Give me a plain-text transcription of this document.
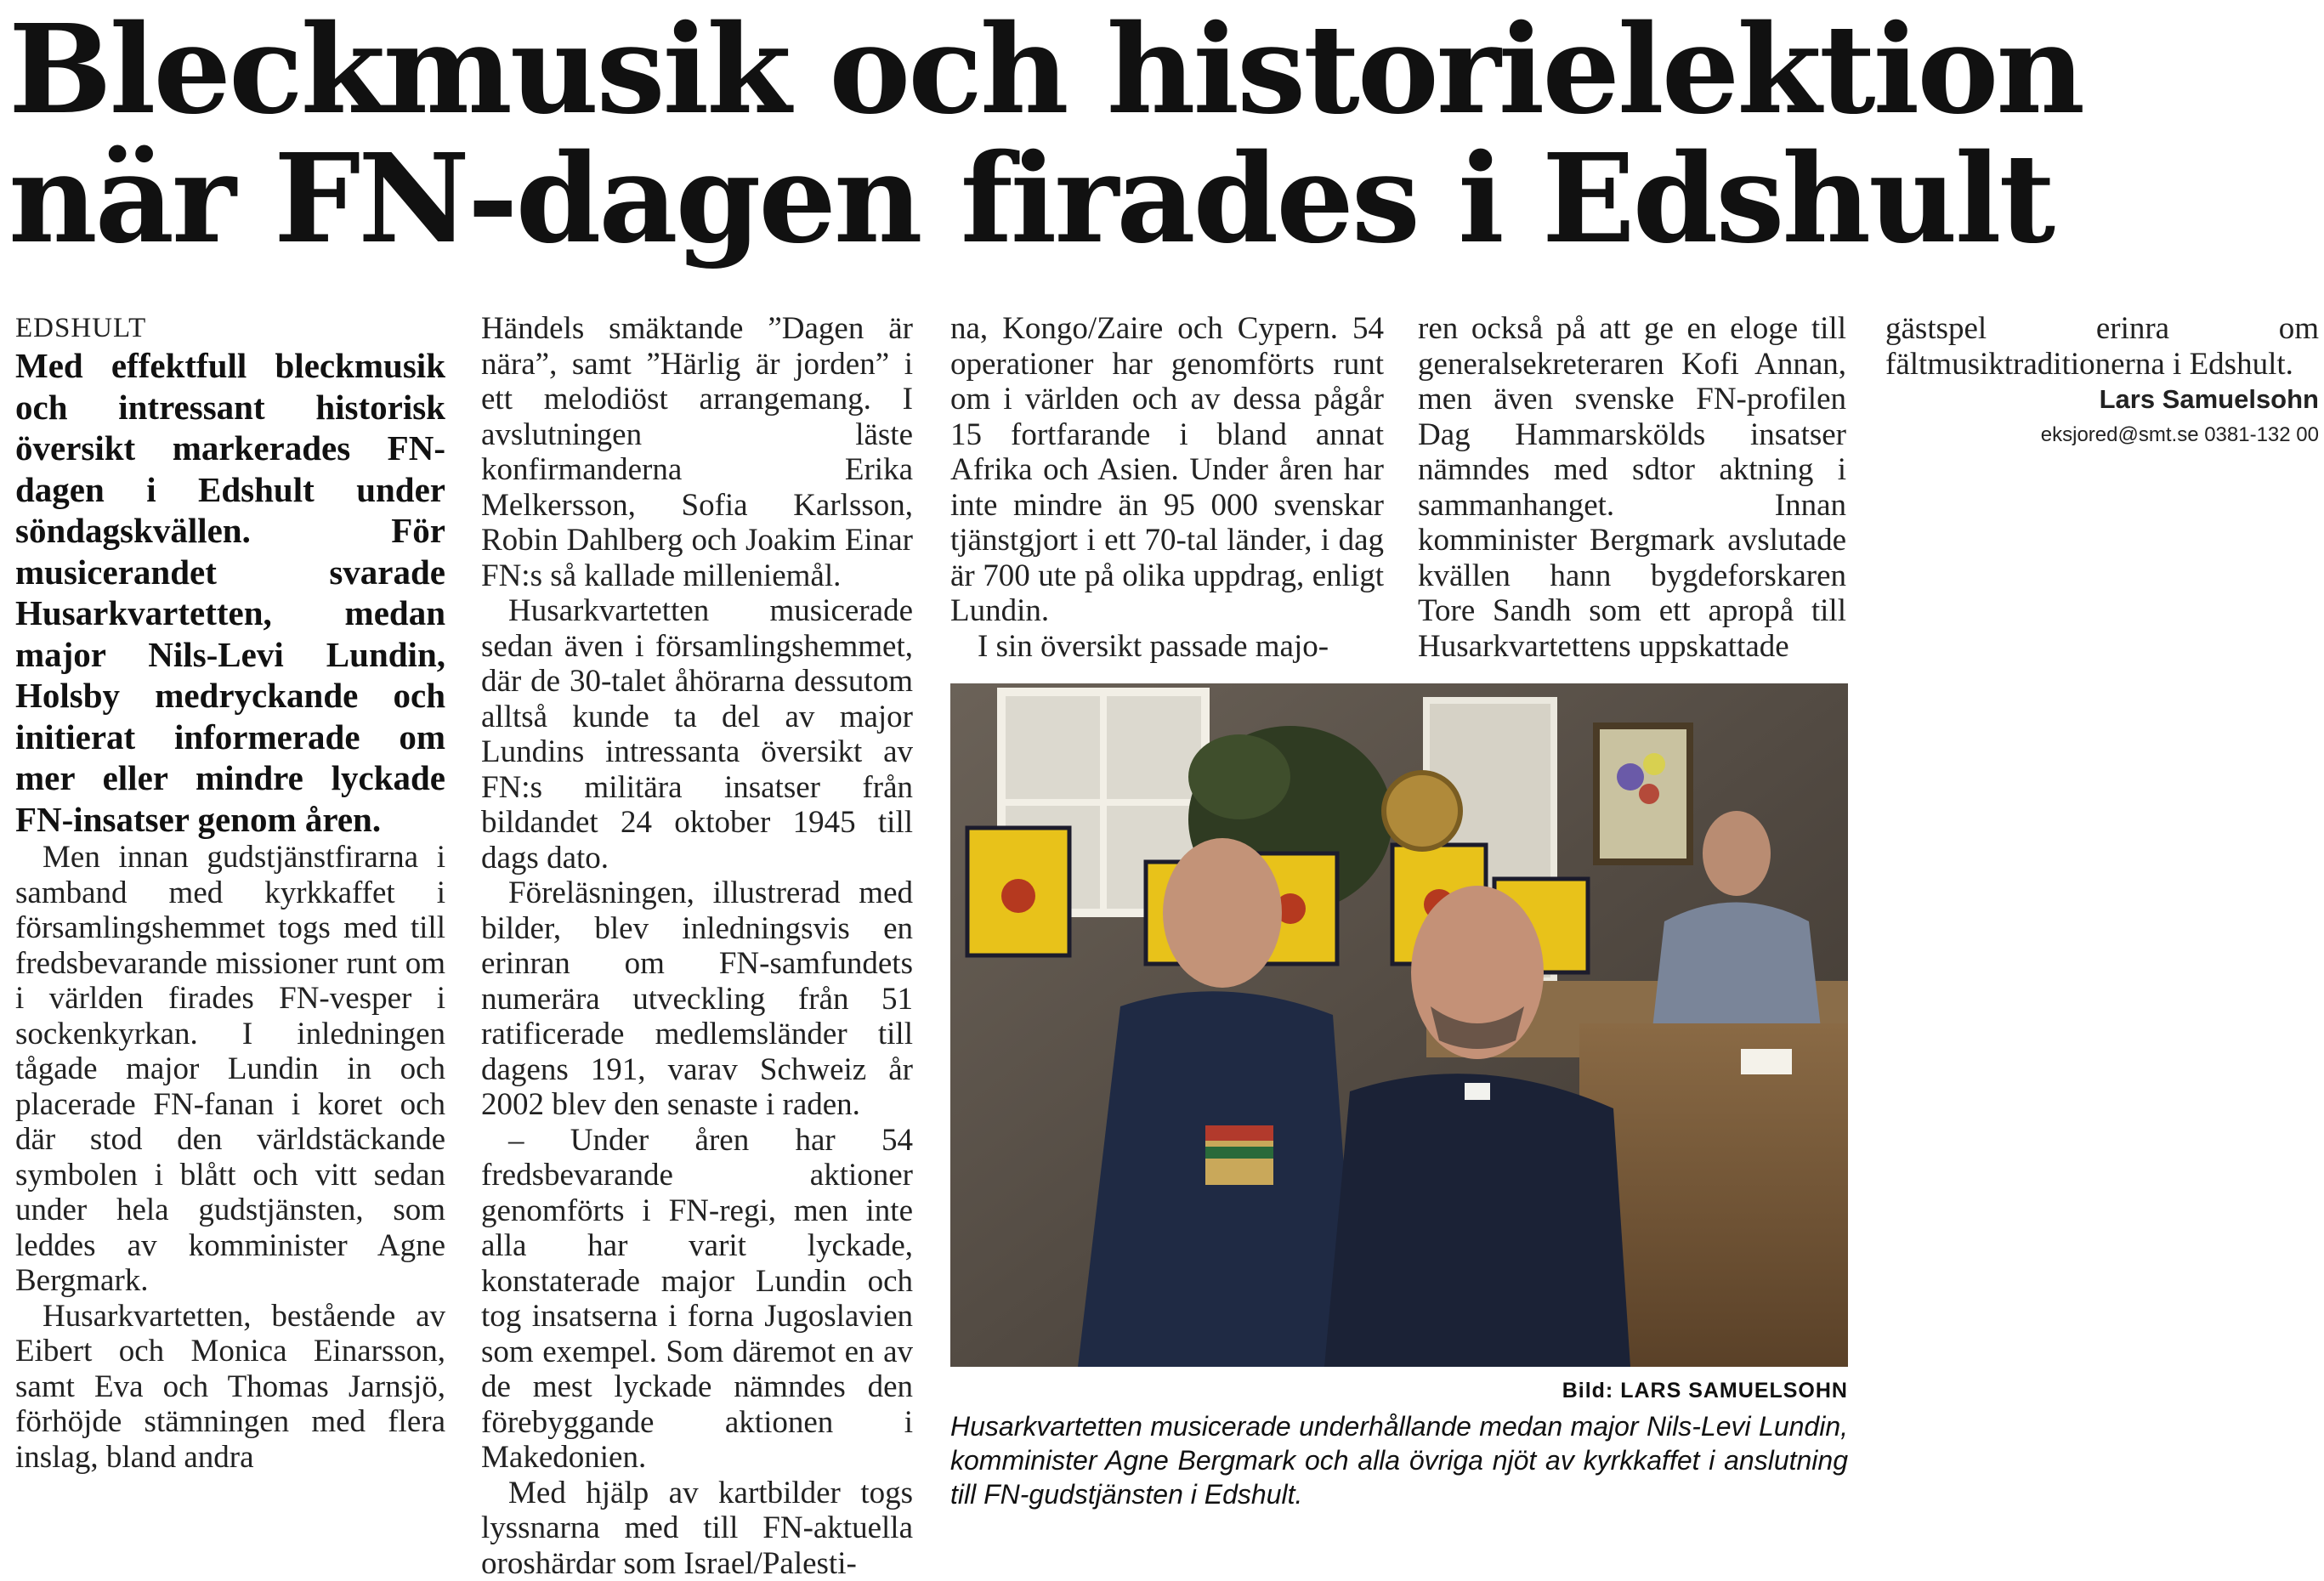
Bleckmusik och historielektion
när FN-dagen firades i Edshult

EDSHULT

Med effektfull bleckmusik och intressant historisk översikt markerades FN-dagen i Edshult under söndagskvällen. För musicerandet svarade Husarkvartetten, medan major Nils-Levi Lundin, Holsby medryckande och initierat informerade om mer eller mindre lyckade FN-insatser genom åren.

Men innan gudstjänstfirarna i samband med kyrkkaffet i församlingshemmet togs med till fredsbevarande missioner runt om i världen firades FN-vesper i sockenkyrkan. I inledningen tågade major Lundin in och placerade FN-fanan i koret och där stod den världstäckande symbolen i blått och vitt sedan under hela gudstjänsten, som leddes av komminister Agne Bergmark.

Husarkvartetten, bestående av Eibert och Monica Einarsson, samt Eva och Thomas Jarnsjö, förhöjde stämningen med flera inslag, bland andra

Händels smäktande ”Dagen är nära”, samt ”Härlig är jorden” i ett melodiöst arrangemang. I avslutningen läste konfirmanderna Erika Melkersson, Sofia Karlsson, Robin Dahlberg och Joakim Einar FN:s så kallade milleniemål.

Husarkvartetten musicerade sedan även i församlingshemmet, där de 30-talet åhörarna dessutom alltså kunde ta del av major Lundins intressanta översikt av FN:s militära insatser från bildandet 24 oktober 1945 till dags dato.

Föreläsningen, illustrerad med bilder, blev inledningsvis en erinran om FN-samfundets numerära utveckling från 51 ratificerade medlemsländer till dagens 191, varav Schweiz år 2002 blev den senaste i raden.

– Under åren har 54 fredsbevarande aktioner genomförts i FN-regi, men inte alla har varit lyckade, konstaterade major Lundin och tog insatserna i forna Jugoslavien som exempel. Som däremot en av de mest lyckade nämndes den förebyggande aktionen i Makedonien.

Med hjälp av kartbilder togs lyssnarna med till FN-aktuella oroshärdar som Israel/Palesti-

na, Kongo/Zaire och Cypern. 54 operationer har genomförts runt om i världen och av dessa pågår 15 fortfarande i bland annat Afrika och Asien. Under åren har inte mindre än 95 000 svenskar tjänstgjort i ett 70-tal länder, i dag är 700 ute på olika uppdrag, enligt Lundin.

I sin översikt passade majo-

ren också på att ge en eloge till generalsekreteraren Kofi Annan, men även svenske FN-profilen Dag Hammarskölds insatser nämndes med sdtor aktning i sammanhanget. Innan komminister Bergmark avslutade kvällen hann bygdeforskaren Tore Sandh som ett apropå till Husarkvartettens uppskattade

gästspel erinra om fältmusiktraditionerna i Edshult.

Lars Samuelsohn

eksjored@smt.se 0381-132 00

Bild: LARS SAMUELSOHN
Husarkvartetten musicerade underhållande medan major Nils-Levi Lundin, komminister Agne Bergmark och alla övriga njöt av kyrkkaffet i anslutning till FN-gudstjänsten i Edshult.
